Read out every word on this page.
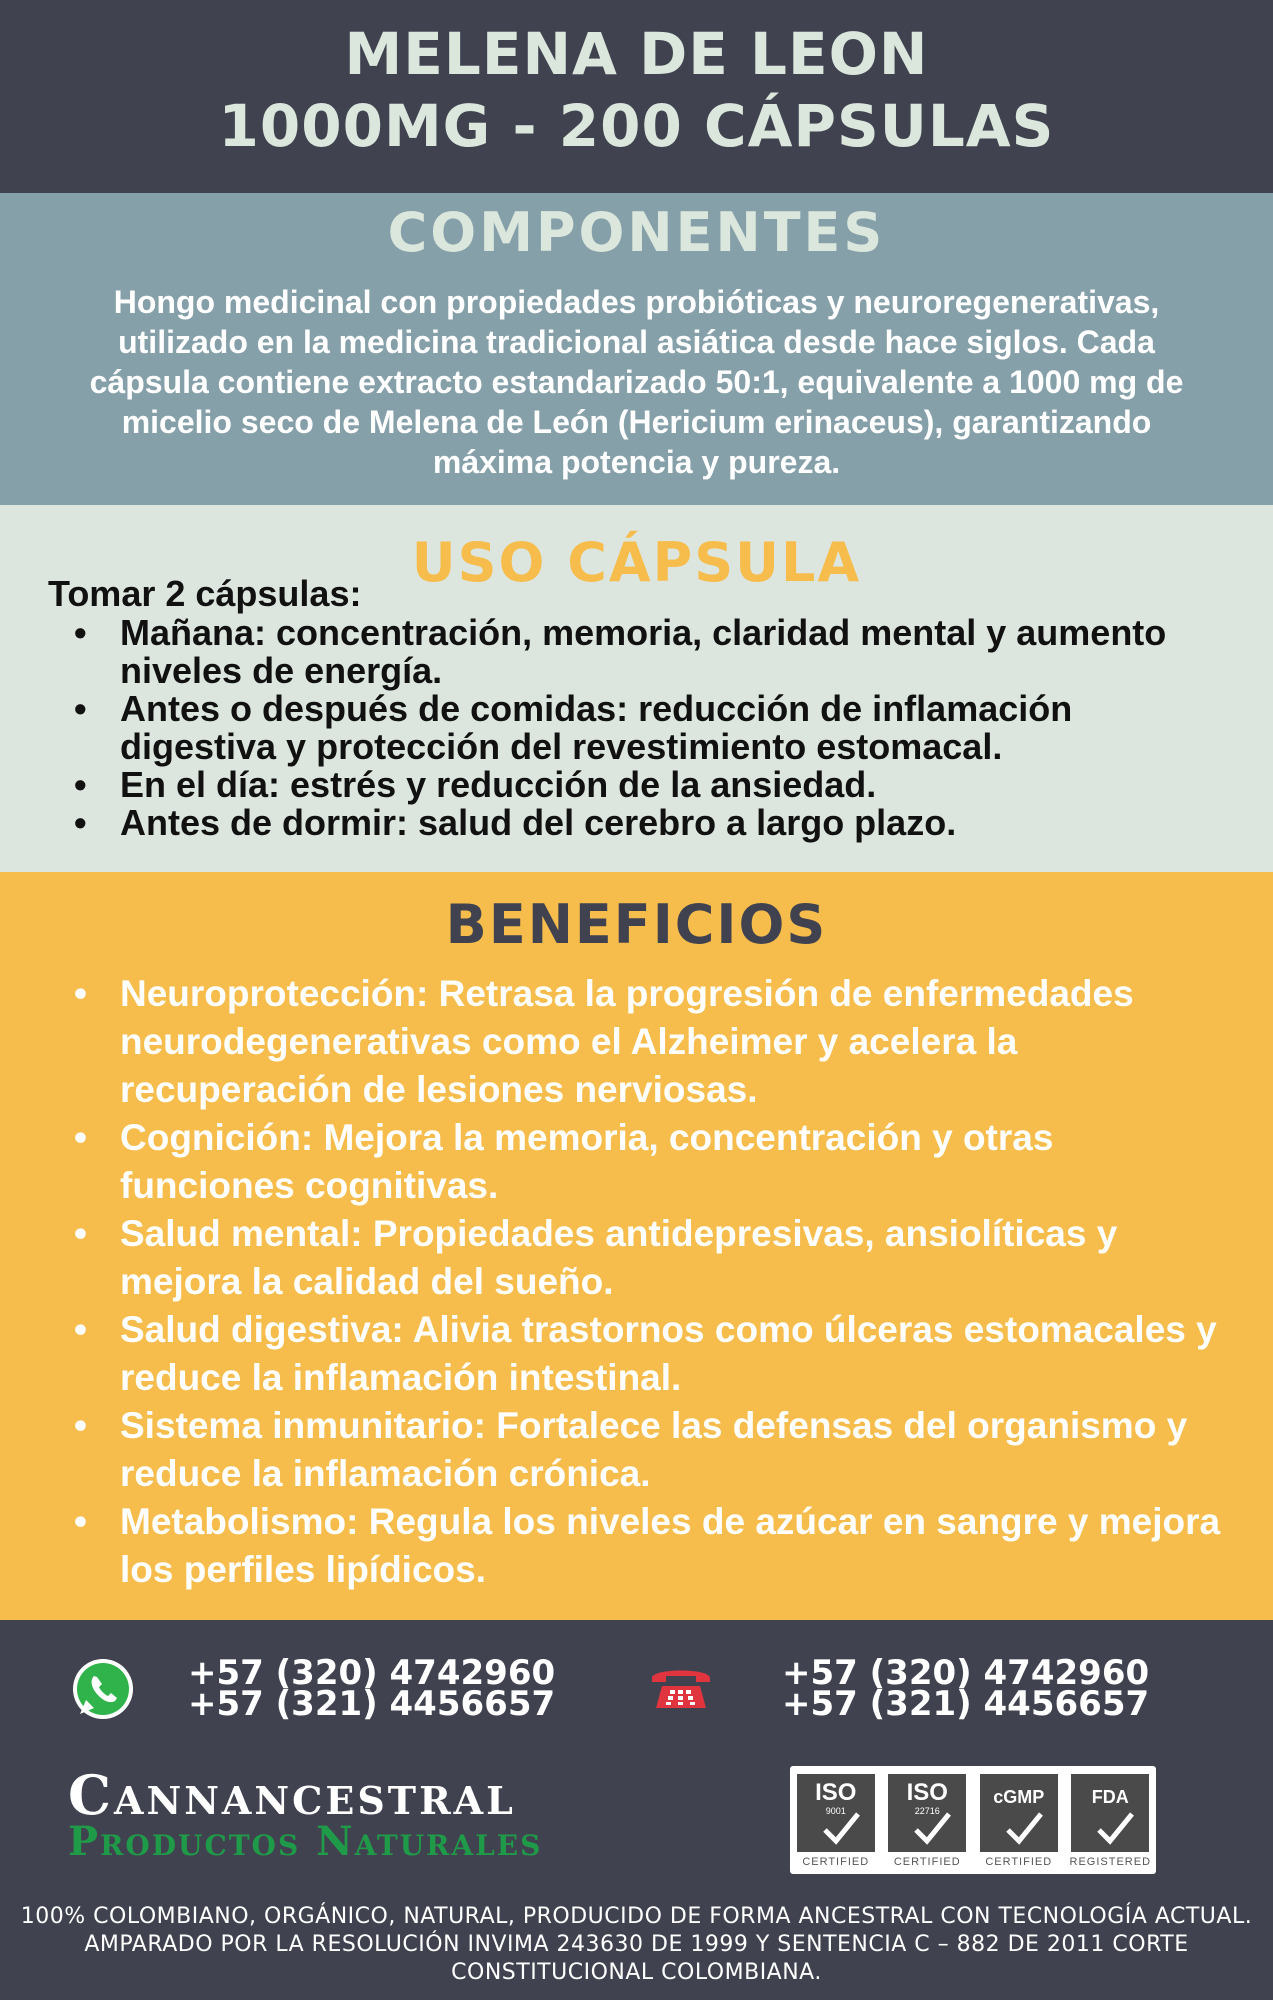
MELENA DE LEON
1000MG - 200 CÁPSULAS
COMPONENTES

Hongo medicinal con propiedades probióticas y neuroregenerativas, utilizado en la medicina tradicional asiática desde hace siglos. Cada cápsula contiene extracto estandarizado 50:1, equivalente a 1000 mg de micelio seco de Melena de León (Hericium erinaceus), garantizando máxima potencia y pureza.

USO CÁPSULA

Tomar 2 cápsulas:

• Mañana: concentración, memoria, claridad mental y aumento niveles de energía.
• Antes o después de comidas: reducción de inflamación digestiva y protección del revestimiento estomacal.
• En el día: estrés y reducción de la ansiedad.
• Antes de dormir: salud del cerebro a largo plazo.
BENEFICIOS
• Neuroprotección: Retrasa la progresión de enfermedades neurodegenerativas como el Alzheimer y acelera la recuperación de lesiones nerviosas.
• Cognición: Mejora la memoria, concentración y otras funciones cognitivas.
• Salud mental: Propiedades antidepresivas, ansiolíticas y mejora la calidad del sueño.
• Salud digestiva: Alivia trastornos como úlceras estomacales y reduce la inflamación intestinal.
• Sistema inmunitario: Fortalece las defensas del organismo y reduce la inflamación crónica.
• Metabolismo: Regula los niveles de azúcar en sangre y mejora los perfiles lipídicos.

+57 (320) 4742960

+57 (321) 4456657

+57 (320) 4742960

+57 (321) 4456657

Cannancestral

Productos Naturales

ISO
9001
CERTIFIED
ISO
22716
CERTIFIED
cGMP
CERTIFIED
FDA
REGISTERED

100% COLOMBIANO, ORGÁNICO, NATURAL, PRODUCIDO DE FORMA ANCESTRAL CON TECNOLOGÍA ACTUAL. AMPARADO POR LA RESOLUCIÓN INVIMA 243630 DE 1999 Y SENTENCIA C – 882 DE 2011 CORTE CONSTITUCIONAL COLOMBIANA.
